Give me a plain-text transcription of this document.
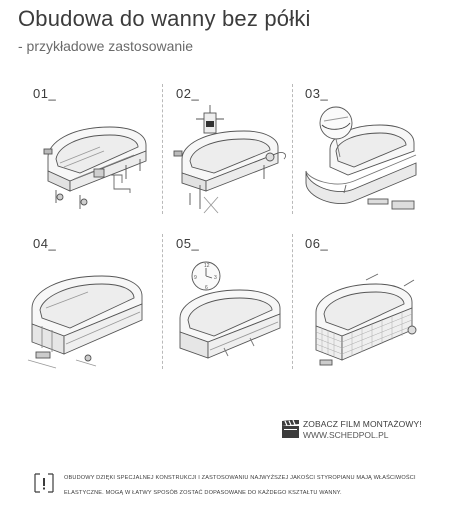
Obudowa do wanny bez półki
- przykładowe zastosowanie
01_	02_	03_
04_	05_	06_
12
3
6
9
ZOBACZ FILM MONTAŻOWY!
WWW.SCHEDPOL.PL
OBUDOWY DZIĘKI SPECJALNEJ KONSTRUKCJI I ZASTOSOWANIU NAJWYŻSZEJ JAKOŚCI STYROPIANU MAJĄ WŁAŚCIWOŚCI ELASTYCZNE. MOGĄ W ŁATWY SPOSÓB ZOSTAĆ DOPASOWANE DO KAŻDEGO KSZTAŁTU WANNY.
